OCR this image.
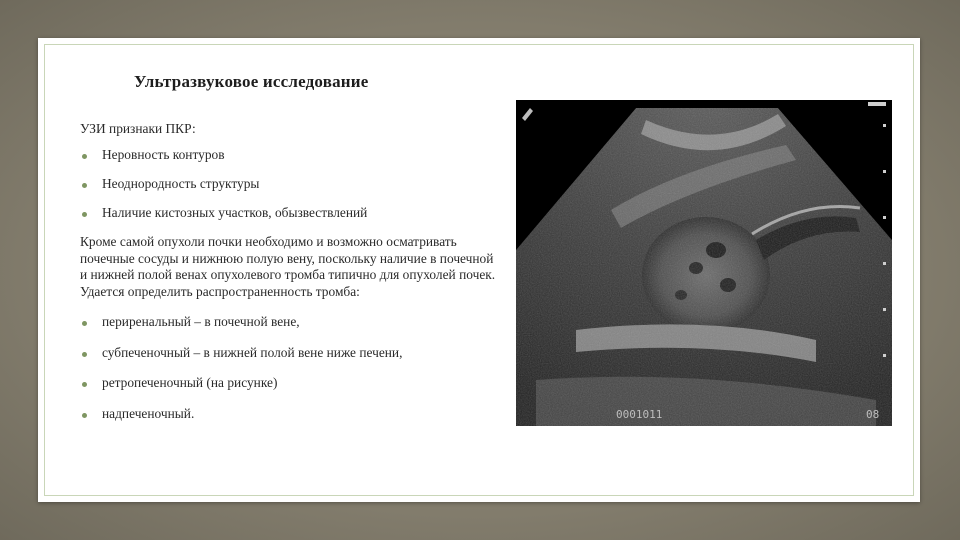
Ультразвуковое исследование

УЗИ признаки ПКР:

Неровность контуров
Неоднородность структуры
Наличие кистозных участков, обызвествлений

Кроме самой опухоли почки необходимо и возможно осматривать почечные сосуды и нижнюю полую вену, поскольку наличие в почечной и нижней полой венах опухолевого тромба типично для опухолей почек. Удается определить распространенность тромба:

периренальный – в почечной вене,
субпеченочный – в нижней полой вене ниже печени,
ретропеченочный (на рисунке)
надпеченочный.	0001011	08
